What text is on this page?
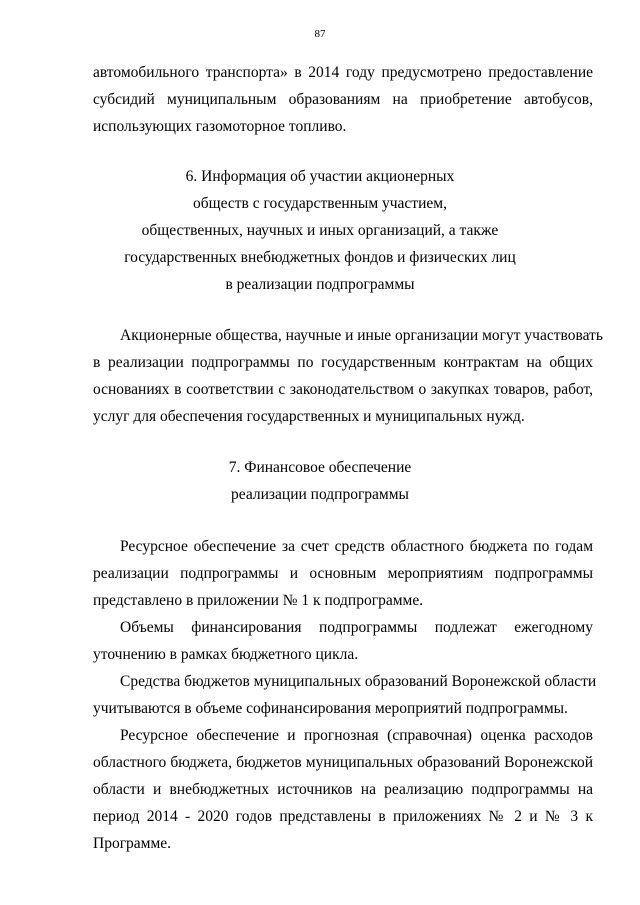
87
автомобильного транспорта» в 2014 году предусмотрено предоставление
субсидий муниципальным образованиям на приобретение автобусов,
использующих газомоторное топливо.
6. Информация об участии акционерных
обществ с государственным участием,
общественных, научных и иных организаций, а также
государственных внебюджетных фондов и физических лиц
в реализации подпрограммы
Акционерные общества, научные и иные организации могут участвовать
в реализации подпрограммы по государственным контрактам на общих
основаниях в соответствии с законодательством о закупках товаров, работ,
услуг для обеспечения государственных и муниципальных нужд.
7. Финансовое обеспечение
реализации подпрограммы
Ресурсное обеспечение за счет средств областного бюджета по годам
реализации подпрограммы и основным мероприятиям подпрограммы
представлено в приложении № 1 к подпрограмме.
Объемы финансирования подпрограммы подлежат ежегодному
уточнению в рамках бюджетного цикла.
Средства бюджетов муниципальных образований Воронежской области
учитываются в объеме софинансирования мероприятий подпрограммы.
Ресурсное обеспечение и прогнозная (справочная) оценка расходов
областного бюджета, бюджетов муниципальных образований Воронежской
области и внебюджетных источников на реализацию подпрограммы на
период 2014 - 2020 годов представлены в приложениях № 2 и № 3 к
Программе.
